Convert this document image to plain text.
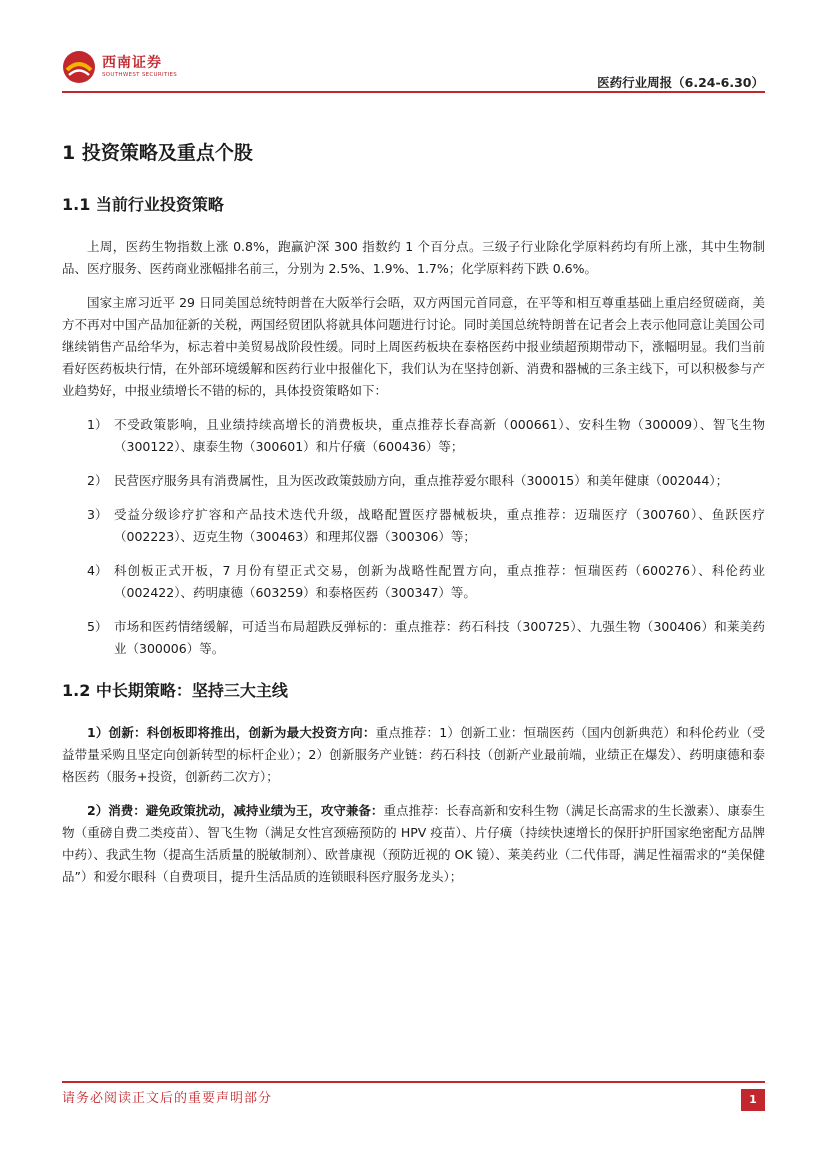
西南证券
SOUTHWEST SECURITIES	医药行业周报（6.24-6.30）
1 投资策略及重点个股
1.1 当前行业投资策略

上周，医药生物指数上涨 0.8%，跑赢沪深 300 指数约 1 个百分点。三级子行业除化学原料药均有所上涨，其中生物制品、医疗服务、医药商业涨幅排名前三，分别为 2.5%、1.9%、1.7%；化学原料药下跌 0.6%。

国家主席习近平 29 日同美国总统特朗普在大阪举行会晤，双方两国元首同意，在平等和相互尊重基础上重启经贸磋商，美方不再对中国产品加征新的关税，两国经贸团队将就具体问题进行讨论。同时美国总统特朗普在记者会上表示他同意让美国公司继续销售产品给华为，标志着中美贸易战阶段性缓。同时上周医药板块在泰格医药中报业绩超预期带动下，涨幅明显。我们当前看好医药板块行情，在外部环境缓解和医药行业中报催化下，我们认为在坚持创新、消费和器械的三条主线下，可以积极参与产业趋势好，中报业绩增长不错的标的，具体投资策略如下：

1） 不受政策影响，且业绩持续高增长的消费板块，重点推荐长春高新（000661）、安科生物（300009）、智飞生物（300122）、康泰生物（300601）和片仔癀（600436）等；
2） 民营医疗服务具有消费属性，且为医改政策鼓励方向，重点推荐爱尔眼科（300015）和美年健康（002044）；
3） 受益分级诊疗扩容和产品技术迭代升级，战略配置医疗器械板块，重点推荐：迈瑞医疗（300760）、鱼跃医疗（002223）、迈克生物（300463）和理邦仪器（300306）等；
4） 科创板正式开板，7 月份有望正式交易，创新为战略性配置方向，重点推荐：恒瑞医药（600276）、科伦药业（002422）、药明康德（603259）和泰格医药（300347）等。
5） 市场和医药情绪缓解，可适当布局超跌反弹标的：重点推荐：药石科技（300725）、九强生物（300406）和莱美药业（300006）等。
1.2 中长期策略：坚持三大主线

1）创新：科创板即将推出，创新为最大投资方向：重点推荐：1）创新工业：恒瑞医药（国内创新典范）和科伦药业（受益带量采购且坚定向创新转型的标杆企业）；2）创新服务产业链：药石科技（创新产业最前端，业绩正在爆发）、药明康德和泰格医药（服务+投资，创新药二次方）；

2）消费：避免政策扰动，减持业绩为王，攻守兼备：重点推荐：长春高新和安科生物（满足长高需求的生长激素）、康泰生物（重磅自费二类疫苗）、智飞生物（满足女性宫颈癌预防的 HPV 疫苗）、片仔癀（持续快速增长的保肝护肝国家绝密配方品牌中药）、我武生物（提高生活质量的脱敏制剂）、欧普康视（预防近视的 OK 镜）、莱美药业（二代伟哥，满足性福需求的“美保健品”）和爱尔眼科（自费项目，提升生活品质的连锁眼科医疗服务龙头）；

请务必阅读正文后的重要声明部分	1
